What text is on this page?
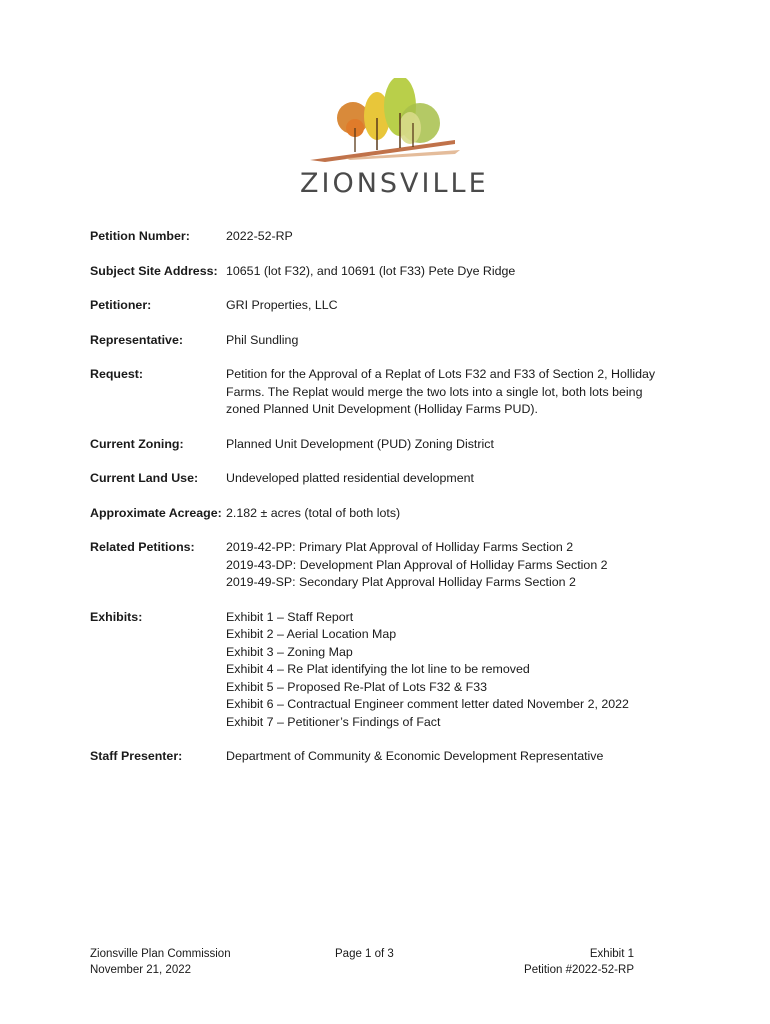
ZIONSVILLE
Petition Number:	2022-52-RP
Subject Site Address: 10651 (lot F32), and 10691 (lot F33) Pete Dye Ridge
Petitioner:	GRI Properties, LLC
Representative:	Phil Sundling
Request:	Petition for the Approval of a Replat of Lots F32 and F33 of Section 2, Holliday
Farms. The Replat would merge the two lots into a single lot, both lots being
zoned Planned Unit Development (Holliday Farms PUD).
Current Zoning:	Planned Unit Development (PUD) Zoning District
Current Land Use:	Undeveloped platted residential development
Approximate Acreage: 2.182 ± acres (total of both lots)
Related Petitions:	2019-42-PP: Primary Plat Approval of Holliday Farms Section 2
2019-43-DP: Development Plan Approval of Holliday Farms Section 2
2019-49-SP: Secondary Plat Approval Holliday Farms Section 2
Exhibits:	Exhibit 1 – Staff Report
Exhibit 2 – Aerial Location Map
Exhibit 3 – Zoning Map
Exhibit 4 – Re Plat identifying the lot line to be removed
Exhibit 5 – Proposed Re-Plat of Lots F32 & F33
Exhibit 6 – Contractual Engineer comment letter dated November 2, 2022
Exhibit 7 – Petitioner’s Findings of Fact
Staff Presenter:	Department of Community & Economic Development Representative
Zionsville Plan Commission
November 21, 2022
Page 1 of 3	Exhibit 1
Petition #2022-52-RP
